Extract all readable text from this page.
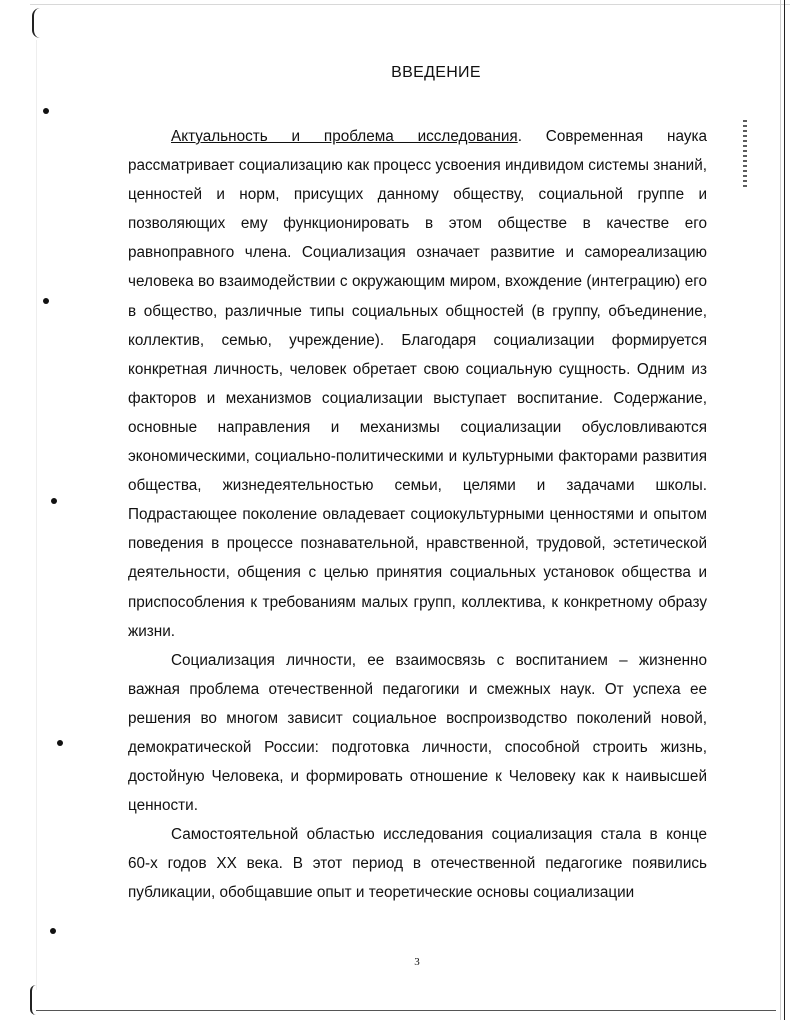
ВВЕДЕНИЕ

Актуальность и проблема исследования. Современная наука рассматривает социализацию как процесс усвоения индивидом системы знаний, ценностей и норм, присущих данному обществу, социальной группе и позволяющих ему функционировать в этом обществе в качестве его равноправного члена. Социализация означает развитие и самореализацию человека во взаимодействии с окружающим миром, вхождение (интеграцию) его в общество, различные типы социальных общностей (в группу, объединение, коллектив, семью, учреждение). Благодаря социализации формируется конкретная личность, человек обретает свою социальную сущность. Одним из факторов и механизмов социализации выступает воспитание. Содержание, основные направления и механизмы социализации обусловливаются экономическими, социально-политическими и культурными факторами развития общества, жизнедеятельностью семьи, целями и задачами школы. Подрастающее поколение овладевает социокультурными ценностями и опытом поведения в процессе познавательной, нравственной, трудовой, эстетической деятельности, общения с целью принятия социальных установок общества и приспособления к требованиям малых групп, коллектива, к конкретному образу жизни.

Социализация личности, ее взаимосвязь с воспитанием – жизненно важная проблема отечественной педагогики и смежных наук. От успеха ее решения во многом зависит социальное воспроизводство поколений новой, демократической России: подготовка личности, способной строить жизнь, достойную Человека, и формировать отношение к Человеку как к наивысшей ценности.

Самостоятельной областью исследования социализация стала в конце 60-х годов XX века. В этот период в отечественной педагогике появились публикации, обобщавшие опыт и теоретические основы социализации

3
